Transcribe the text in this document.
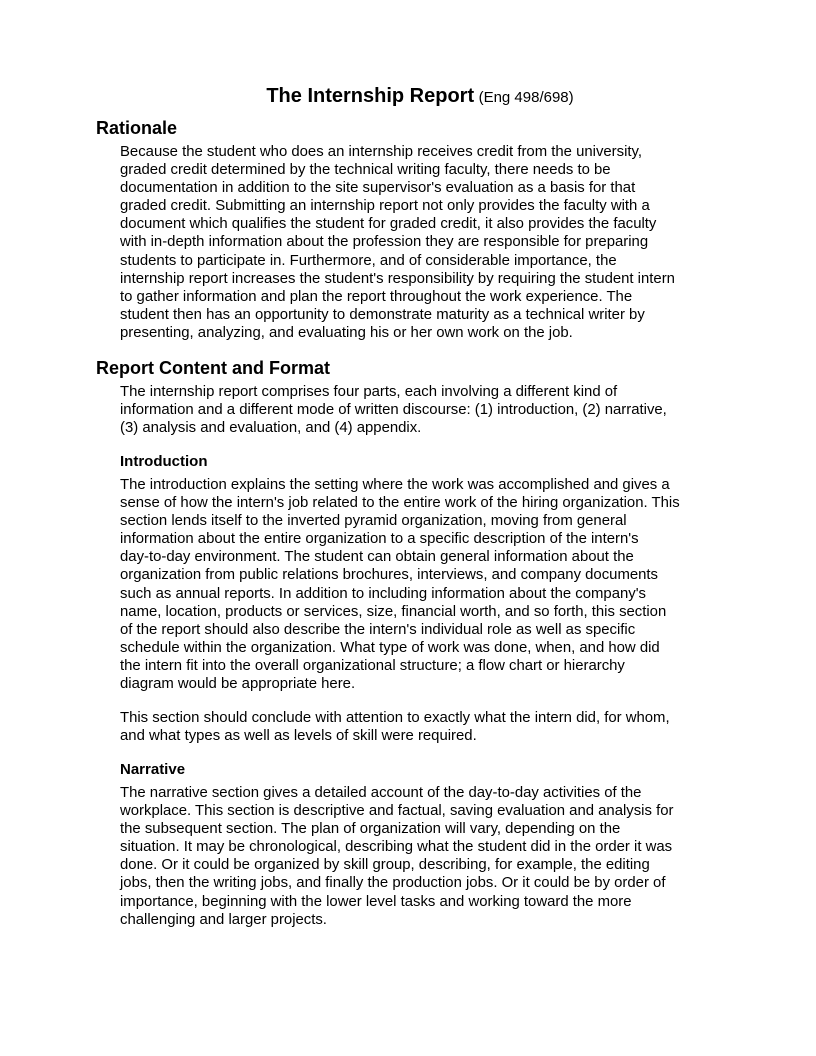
The Internship Report (Eng 498/698)
Rationale
Because the student who does an internship receives credit from the university,
graded credit determined by the technical writing faculty, there needs to be
documentation in addition to the site supervisor's evaluation as a basis for that
graded credit. Submitting an internship report not only provides the faculty with a
document which qualifies the student for graded credit, it also provides the faculty
with in-depth information about the profession they are responsible for preparing
students to participate in. Furthermore, and of considerable importance, the
internship report increases the student's responsibility by requiring the student intern
to gather information and plan the report throughout the work experience. The
student then has an opportunity to demonstrate maturity as a technical writer by
presenting, analyzing, and evaluating his or her own work on the job.
Report Content and Format
The internship report comprises four parts, each involving a different kind of
information and a different mode of written discourse: (1) introduction, (2) narrative,
(3) analysis and evaluation, and (4) appendix.
Introduction
The introduction explains the setting where the work was accomplished and gives a
sense of how the intern's job related to the entire work of the hiring organization. This
section lends itself to the inverted pyramid organization, moving from general
information about the entire organization to a specific description of the intern's
day-to-day environment. The student can obtain general information about the
organization from public relations brochures, interviews, and company documents
such as annual reports. In addition to including information about the company's
name, location, products or services, size, financial worth, and so forth, this section
of the report should also describe the intern's individual role as well as specific
schedule within the organization. What type of work was done, when, and how did
the intern fit into the overall organizational structure; a flow chart or hierarchy
diagram would be appropriate here.
This section should conclude with attention to exactly what the intern did, for whom,
and what types as well as levels of skill were required.
Narrative
The narrative section gives a detailed account of the day-to-day activities of the
workplace. This section is descriptive and factual, saving evaluation and analysis for
the subsequent section. The plan of organization will vary, depending on the
situation. It may be chronological, describing what the student did in the order it was
done. Or it could be organized by skill group, describing, for example, the editing
jobs, then the writing jobs, and finally the production jobs. Or it could be by order of
importance, beginning with the lower level tasks and working toward the more
challenging and larger projects.
